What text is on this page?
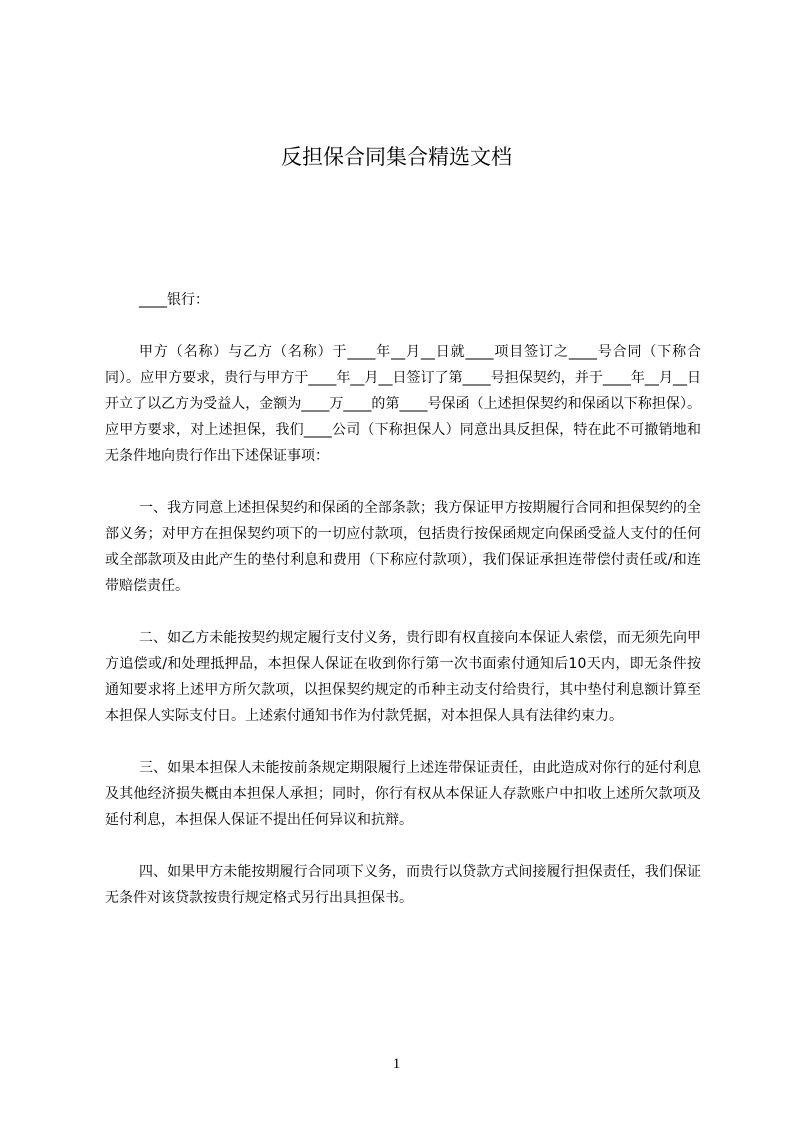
反担保合同集合精选文档

____银行：

甲方（名称）与乙方（名称）于____年__月__日就____项目签订之____号合同（下称合同）。应甲方要求，贵行与甲方于____年__月__日签订了第____号担保契约，并于____年__月__日开立了以乙方为受益人，金额为____万____的第____号保函（上述担保契约和保函以下称担保）。应甲方要求，对上述担保，我们____公司（下称担保人）同意出具反担保，特在此不可撤销地和无条件地向贵行作出下述保证事项：

一、我方同意上述担保契约和保函的全部条款；我方保证甲方按期履行合同和担保契约的全部义务；对甲方在担保契约项下的一切应付款项，包括贵行按保函规定向保函受益人支付的任何或全部款项及由此产生的垫付利息和费用（下称应付款项），我们保证承担连带偿付责任或/和连带赔偿责任。

二、如乙方未能按契约规定履行支付义务，贵行即有权直接向本保证人索偿，而无须先向甲方追偿或/和处理抵押品，本担保人保证在收到你行第一次书面索付通知后10天内，即无条件按通知要求将上述甲方所欠款项，以担保契约规定的币种主动支付给贵行，其中垫付利息额计算至本担保人实际支付日。上述索付通知书作为付款凭据，对本担保人具有法律约束力。

三、如果本担保人未能按前条规定期限履行上述连带保证责任，由此造成对你行的延付利息及其他经济损失概由本担保人承担；同时，你行有权从本保证人存款账户中扣收上述所欠款项及延付利息，本担保人保证不提出任何异议和抗辩。

四、如果甲方未能按期履行合同项下义务，而贵行以贷款方式间接履行担保责任，我们保证无条件对该贷款按贵行规定格式另行出具担保书。

1
